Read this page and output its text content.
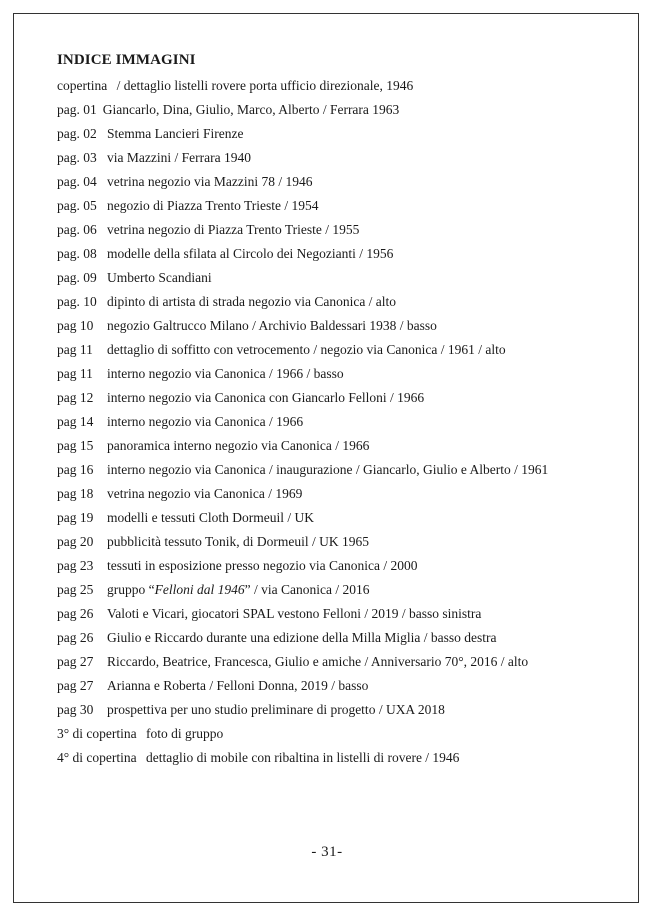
INDICE IMMAGINI
copertina / dettaglio listelli rovere porta ufficio direzionale, 1946
pag. 01 Giancarlo, Dina, Giulio, Marco, Alberto / Ferrara 1963
pag. 02 Stemma Lancieri Firenze
pag. 03 via Mazzini / Ferrara 1940
pag. 04 vetrina negozio via Mazzini 78 / 1946
pag. 05 negozio di Piazza Trento Trieste / 1954
pag. 06 vetrina negozio di Piazza Trento Trieste / 1955
pag. 08 modelle della sfilata al Circolo dei Negozianti / 1956
pag. 09 Umberto Scandiani
pag. 10 dipinto di artista di strada negozio via Canonica / alto
pag 10 negozio Galtrucco Milano / Archivio Baldessari 1938 / basso
pag 11 dettaglio di soffitto con vetrocemento / negozio via Canonica / 1961 / alto
pag 11 interno negozio via Canonica / 1966 / basso
pag 12 interno negozio via Canonica con Giancarlo Felloni / 1966
pag 14 interno negozio via Canonica / 1966
pag 15 panoramica interno negozio via Canonica / 1966
pag 16 interno negozio via Canonica / inaugurazione / Giancarlo, Giulio e Alberto / 1961
pag 18 vetrina negozio via Canonica / 1969
pag 19 modelli e tessuti Cloth Dormeuil / UK
pag 20 pubblicità tessuto Tonik, di Dormeuil / UK 1965
pag 23 tessuti in esposizione presso negozio via Canonica / 2000
pag 25 gruppo “Felloni dal 1946” / via Canonica / 2016
pag 26 Valoti e Vicari, giocatori SPAL vestono Felloni / 2019 / basso sinistra
pag 26 Giulio e Riccardo durante una edizione della Milla Miglia / basso destra
pag 27 Riccardo, Beatrice, Francesca, Giulio e amiche / Anniversario 70°, 2016 / alto
pag 27 Arianna e Roberta / Felloni Donna, 2019 / basso
pag 30 prospettiva per uno studio preliminare di progetto / UXA 2018
3° di copertina foto di gruppo
4° di copertina dettaglio di mobile con ribaltina in listelli di rovere / 1946
- 31-
